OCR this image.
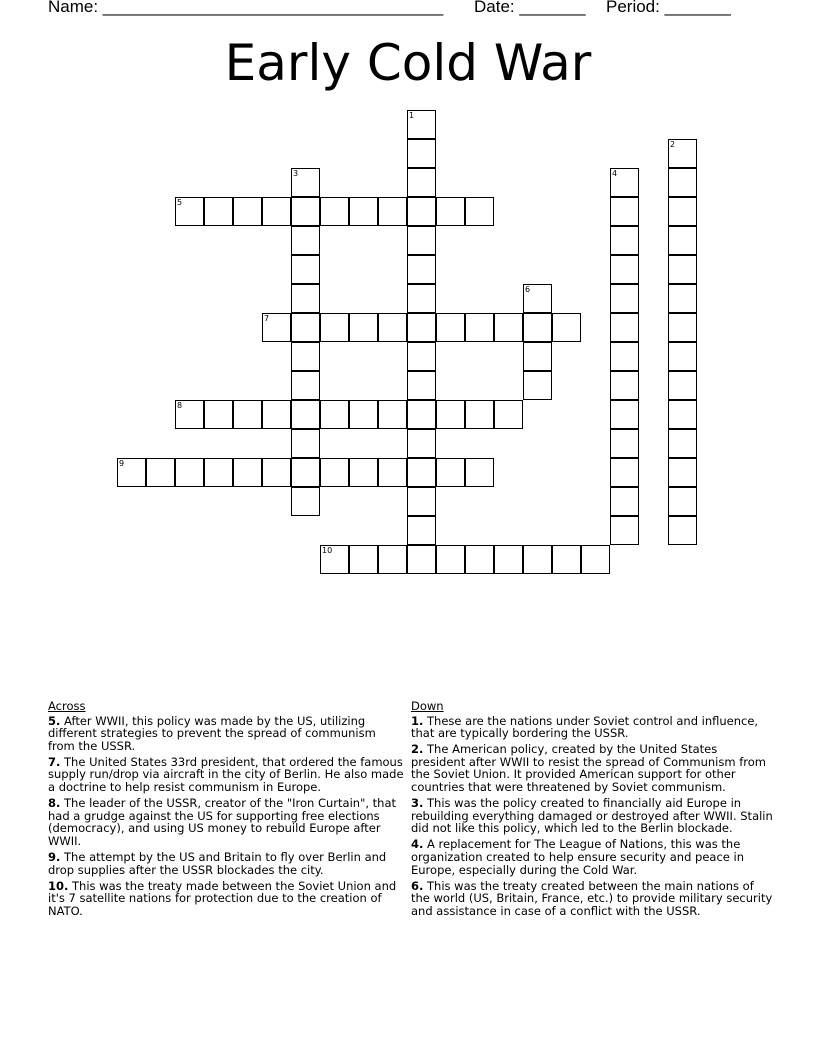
Name: ____________________________________ Date: _______ Period: _______
Early Cold War
1
2
3	4
5
6
7
8
9
10
Across
5. After WWII, this policy was made by the US, utilizing different strategies to prevent the spread of communism from the USSR.
7. The United States 33rd president, that ordered the famous supply run/drop via aircraft in the city of Berlin. He also made a doctrine to help resist communism in Europe.
8. The leader of the USSR, creator of the "Iron Curtain", that had a grudge against the US for supporting free elections (democracy), and using US money to rebuild Europe after WWII.
9. The attempt by the US and Britain to fly over Berlin and drop supplies after the USSR blockades the city.
10. This was the treaty made between the Soviet Union and it's 7 satellite nations for protection due to the creation of NATO.
Down
1. These are the nations under Soviet control and influence, that are typically bordering the USSR.
2. The American policy, created by the United States president after WWII to resist the spread of Communism from the Soviet Union. It provided American support for other countries that were threatened by Soviet communism.
3. This was the policy created to financially aid Europe in rebuilding everything damaged or destroyed after WWII. Stalin did not like this policy, which led to the Berlin blockade.
4. A replacement for The League of Nations, this was the organization created to help ensure security and peace in Europe, especially during the Cold War.
6. This was the treaty created between the main nations of the world (US, Britain, France, etc.) to provide military security and assistance in case of a conflict with the USSR.
